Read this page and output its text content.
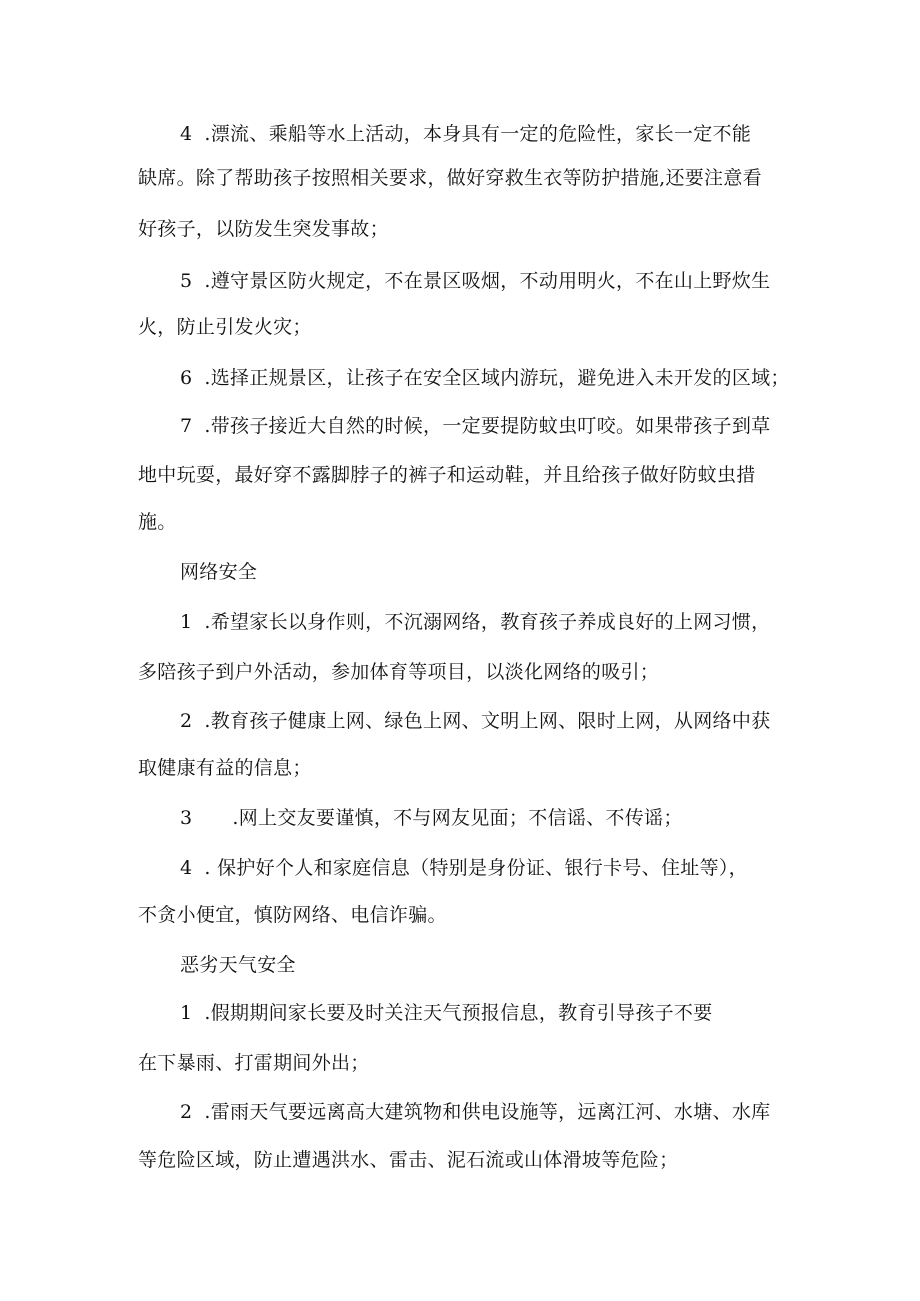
4 .漂流、乘船等水上活动，本身具有一定的危险性，家长一定不能
缺席。除了帮助孩子按照相关要求，做好穿救生衣等防护措施,还要注意看
好孩子，以防发生突发事故；
5 .遵守景区防火规定，不在景区吸烟，不动用明火，不在山上野炊生
火，防止引发火灾；
6 .选择正规景区，让孩子在安全区域内游玩，避免进入未开发的区域；
7 .带孩子接近大自然的时候，一定要提防蚊虫叮咬。如果带孩子到草
地中玩耍，最好穿不露脚脖子的裤子和运动鞋，并且给孩子做好防蚊虫措
施。
网络安全
1 .希望家长以身作则，不沉溺网络，教育孩子养成良好的上网习惯，
多陪孩子到户外活动，参加体育等项目，以淡化网络的吸引；
2 .教育孩子健康上网、绿色上网、文明上网、限时上网，从网络中获
取健康有益的信息；
3 .网上交友要谨慎，不与网友见面；不信谣、不传谣；
4 . 保护好个人和家庭信息（特别是身份证、银行卡号、住址等），
不贪小便宜，慎防网络、电信诈骗。
恶劣天气安全
1 .假期期间家长要及时关注天气预报信息，教育引导孩子不要
在下暴雨、打雷期间外出；
2 .雷雨天气要远离高大建筑物和供电设施等，远离江河、水塘、水库
等危险区域，防止遭遇洪水、雷击、泥石流或山体滑坡等危险；
